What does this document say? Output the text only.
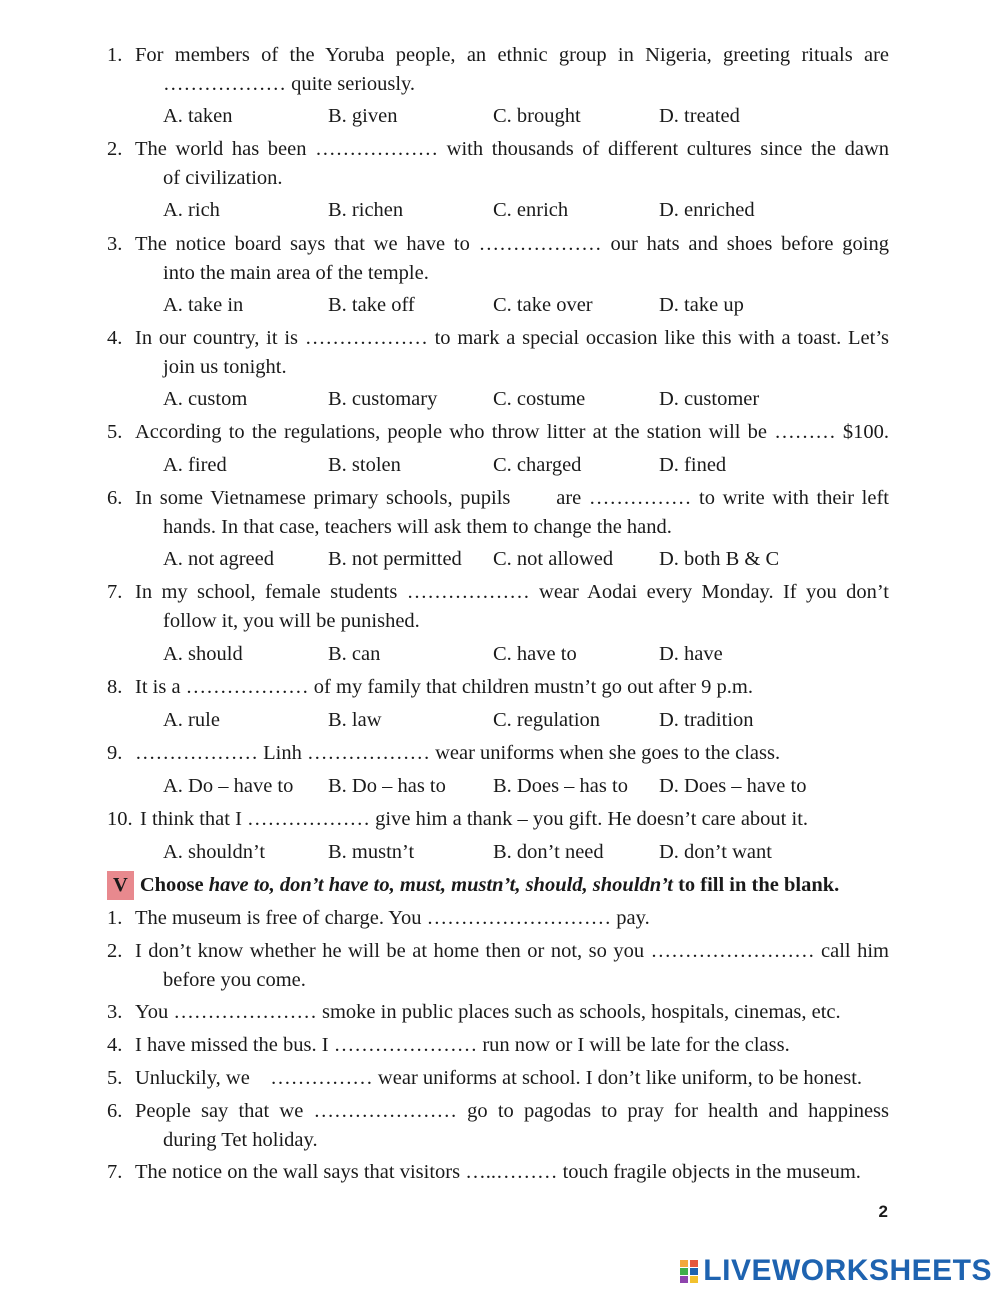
1. For members of the Yoruba people, an ethnic group in Nigeria, greeting rituals are
……………… quite seriously.
A. taken	B. given	C. brought	D. treated
2. The world has been ……………… with thousands of different cultures since the dawn
of civilization.
A. rich	B. richen	C. enrich	D. enriched
3. The notice board says that we have to ……………… our hats and shoes before going
into the main area of the temple.
A. take in	B. take off	C. take over	D. take up
4. In our country, it is ……………… to mark a special occasion like this with a toast. Let’s
join us tonight.
A. custom	B. customary	C. costume	D. customer
5. According to the regulations, people who throw litter at the station will be ……… $100.
A. fired	B. stolen	C. charged	D. fined
6. In some Vietnamese primary schools, pupils      are …………… to write with their left
hands. In that case, teachers will ask them to change the hand.
A. not agreed	B. not permitted C. not allowed D. both B & C
7. In my school, female students ……………… wear Aodai every Monday. If you don’t
follow it, you will be punished.
A. should	B. can	C. have to	D. have
8. It is a ……………… of my family that children mustn’t go out after 9 p.m.
A. rule	B. law	C. regulation	D. tradition
9. ……………… Linh ……………… wear uniforms when she goes to the class.
A. Do – have to B. Do – has to B. Does – has to D. Does – have to
10. I think that I ……………… give him a thank – you gift. He doesn’t care about it.
A. shouldn’t	B. mustn’t	B. don’t need	D. don’t want
V Choose have to, don’t have to, must, mustn’t, should, shouldn’t to fill in the blank.
1. The museum is free of charge. You ……………………… pay.
2. I don’t know whether he will be at home then or not, so you …………………… call him
before you come.
3. You ………………… smoke in public places such as schools, hospitals, cinemas, etc.
4. I have missed the bus. I ………………… run now or I will be late for the class.
5. Unluckily, we    …………… wear uniforms at school. I don’t like uniform, to be honest.
6. People say that we ………………… go to pagodas to pray for health and happiness
during Tet holiday.
7. The notice on the wall says that visitors …..……… touch fragile objects in the museum.
2
LIVEWORKSHEETS
